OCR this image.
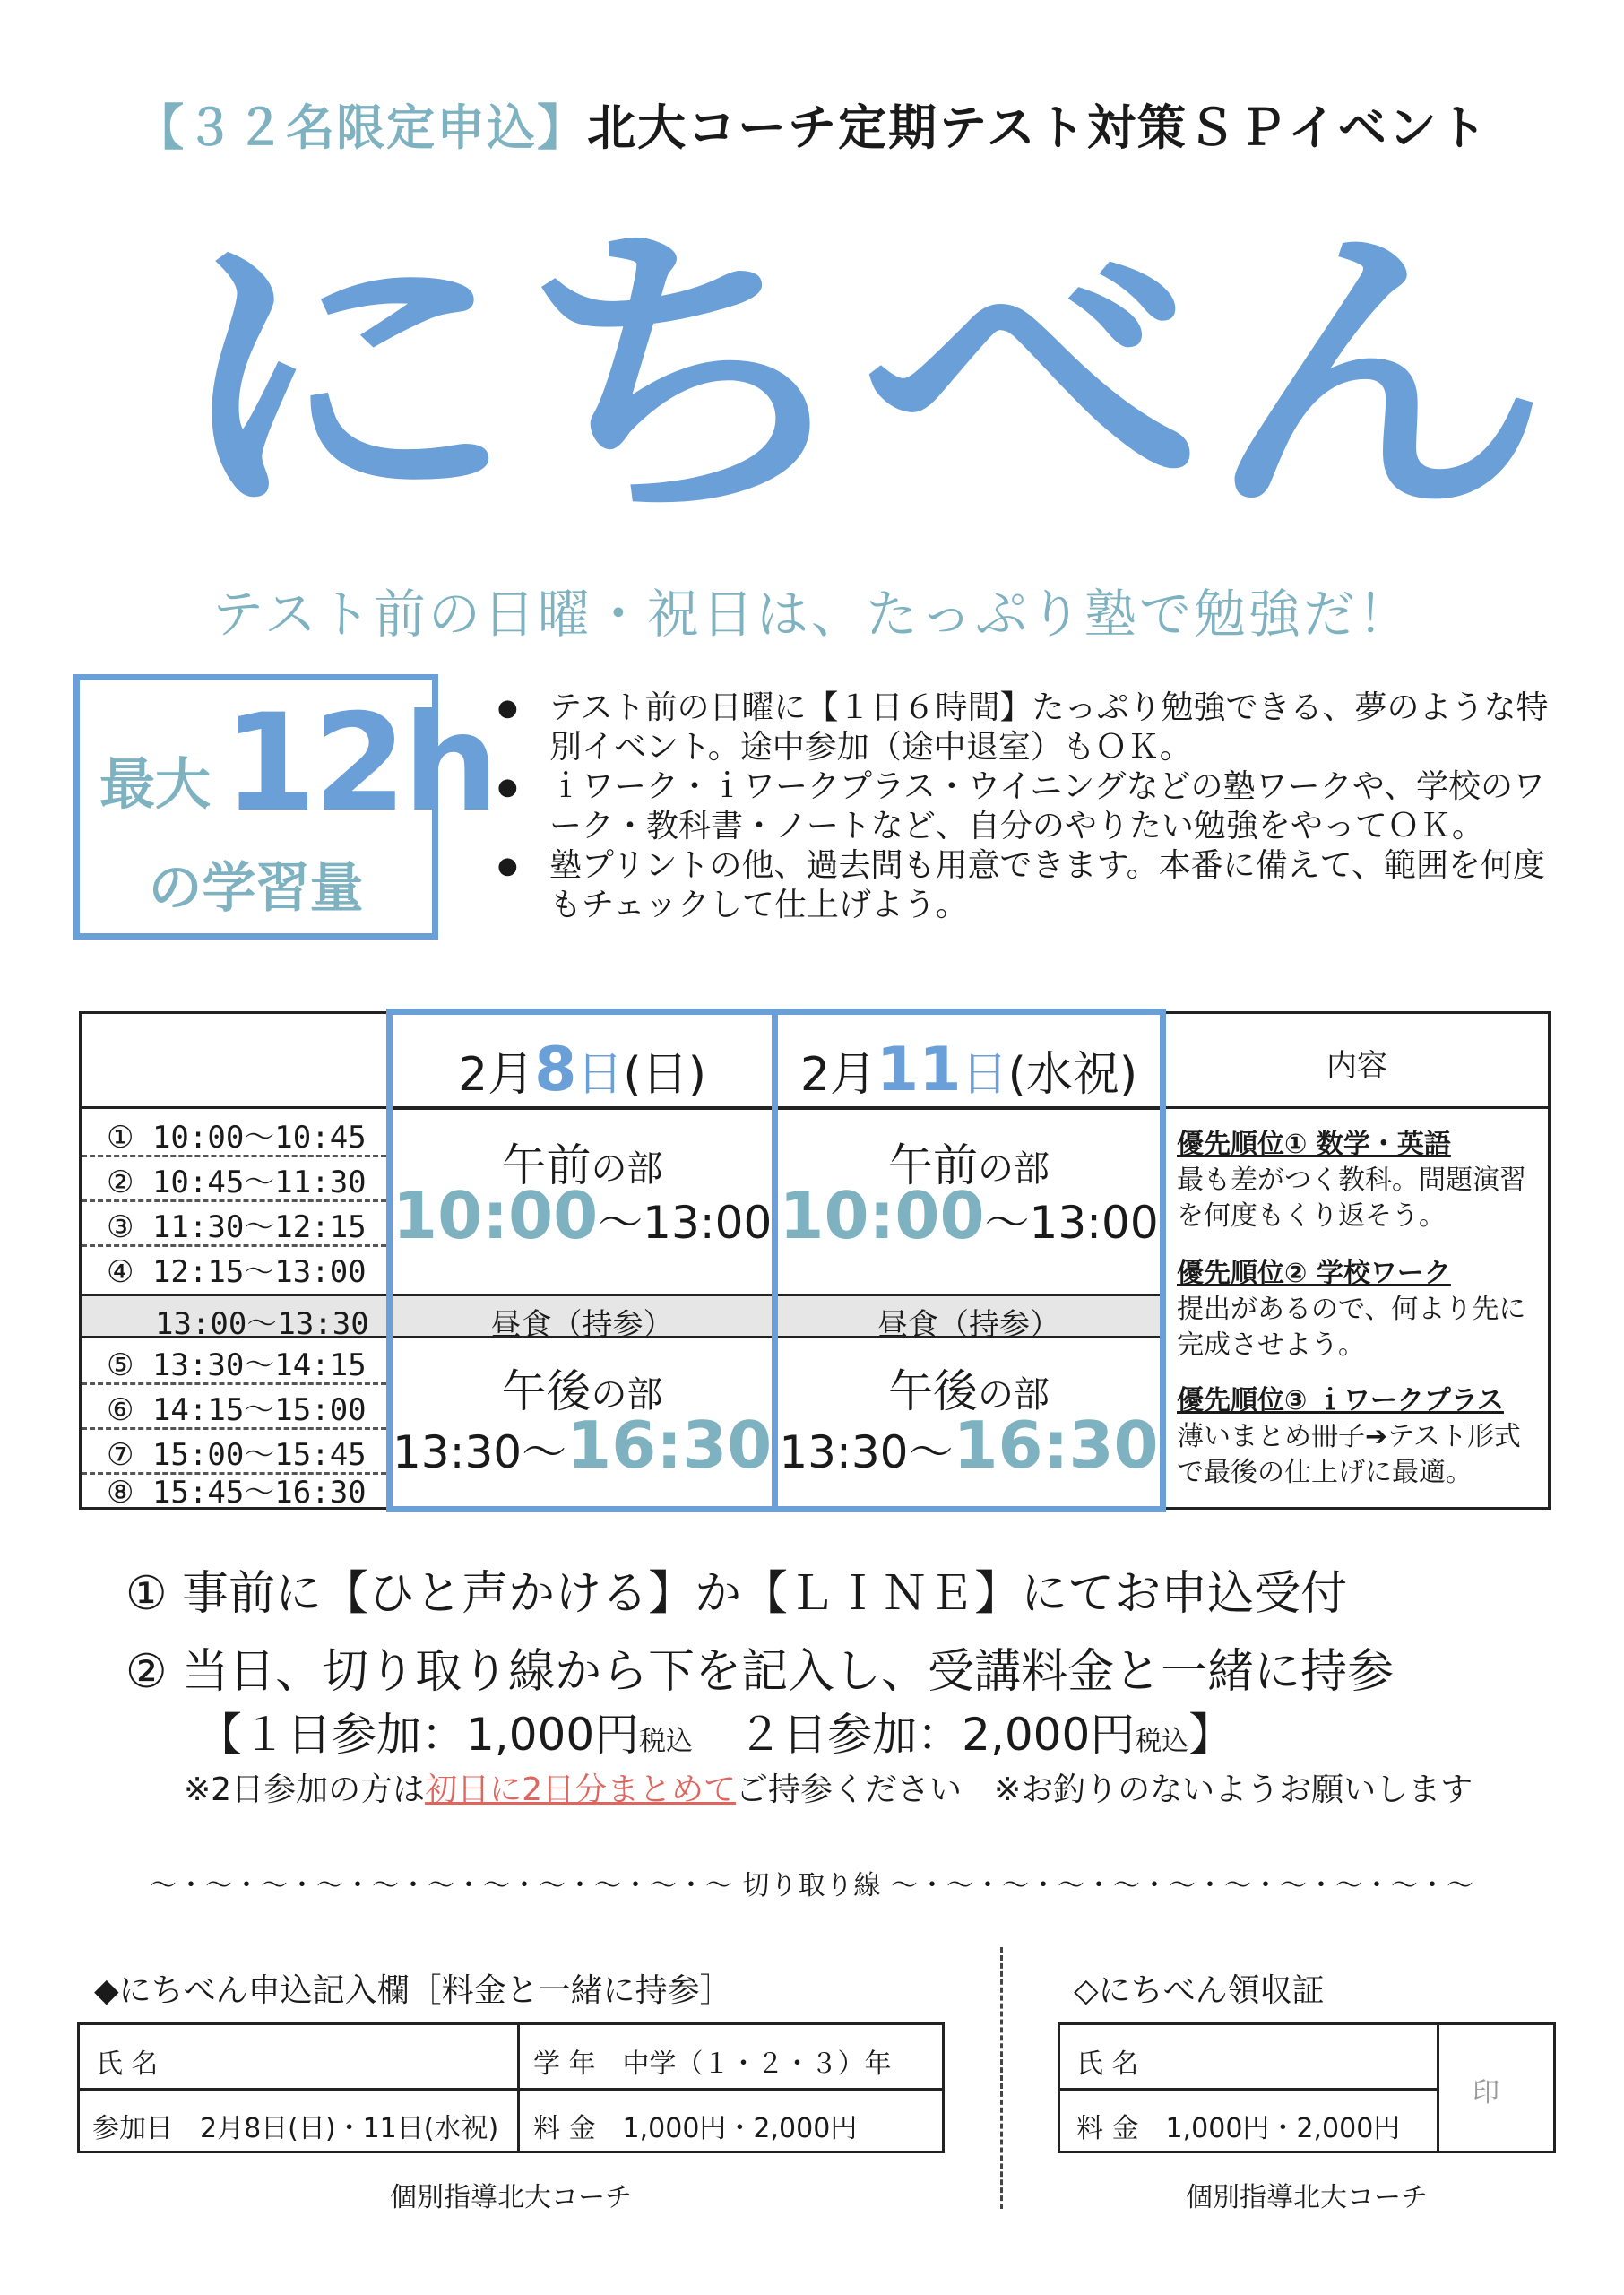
【３２名限定申込】北大コーチ定期テスト対策ＳＰイベント
にちべん
テスト前の日曜・祝日は、たっぷり塾で勉強だ！
最大 12h
の学習量
● テスト前の日曜に【１日６時間】たっぷり勉強できる、夢のような特別イベント。途中参加（途中退室）もＯＫ。
● ｉワーク・ｉワークプラス・ウイニングなどの塾ワークや、学校のワーク・教科書・ノートなど、自分のやりたい勉強をやってＯＫ。
● 塾プリントの他、過去問も用意できます。本番に備えて、範囲を何度もチェックして仕上げよう。
① 10:00〜10:45
② 10:45〜11:30
③ 11:30〜12:15
④ 12:15〜13:00
13:00〜13:30
⑤ 13:30〜14:15
⑥ 14:15〜15:00
⑦ 15:00〜15:45
⑧ 15:45〜16:30
2月8日(日)
午前の部
10:00〜13:00
昼食（持参）
午後の部
13:30〜16:30
2月11日(水祝)
午前の部
10:00〜13:00
昼食（持参）
午後の部
13:30〜16:30
内容
優先順位① 数学・英語
最も差がつく教科。問題演習を何度もくり返そう。
優先順位② 学校ワーク
提出があるので、何より先に完成させよう。
優先順位③ ｉワークプラス
薄いまとめ冊子➔テスト形式で最後の仕上げに最適。
① 事前に【ひと声かける】か【ＬＩＮＥ】にてお申込受付
② 当日、切り取り線から下を記入し、受講料金と一緒に持参
【１日参加：1,000円税込　２日参加：2,000円税込】
※2日参加の方は初日に2日分まとめてご持参ください　※お釣りのないようお願いします
〜・〜・〜・〜・〜・〜・〜・〜・〜・〜・〜 切り取り線 〜・〜・〜・〜・〜・〜・〜・〜・〜・〜・〜
◆にちべん申込記入欄［料金と一緒に持参］
氏 名	学 年　 中学（１・２・３）年
参加日　 2月8日(日)・11日(水祝) 料 金　 1,000円・2,000円
個別指導北大コーチ
◇にちべん領収証
氏 名
料 金　 1,000円・2,000円
印
個別指導北大コーチ
